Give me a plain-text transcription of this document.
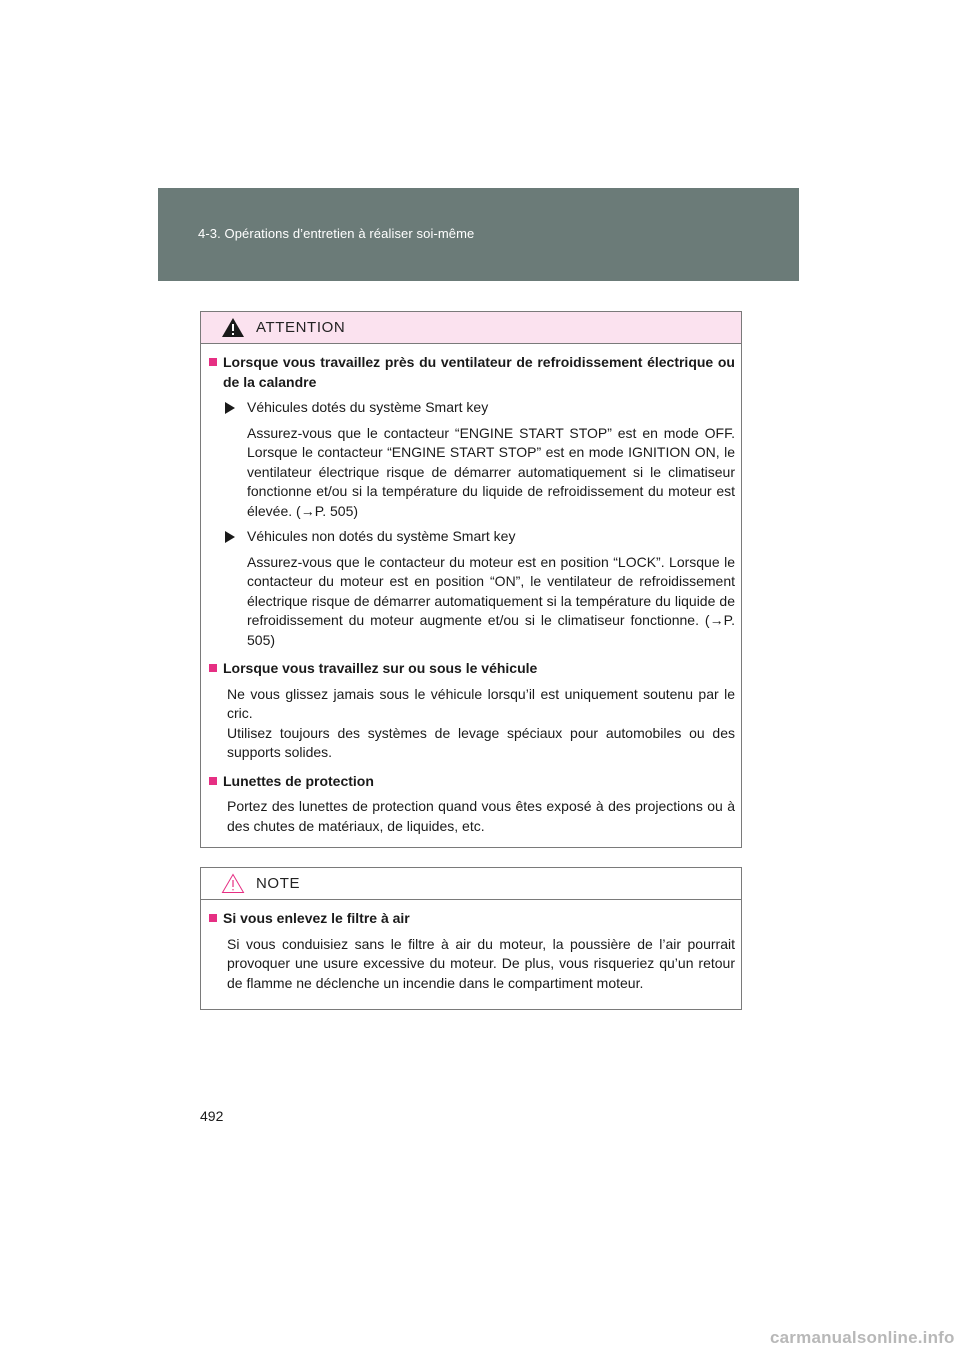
4-3. Opérations d’entretien à réaliser soi-même
ATTENTION
Lorsque vous travaillez près du ventilateur de refroidissement électrique ou de la calandre
Véhicules dotés du système Smart key
Assurez-vous que le contacteur “ENGINE START STOP” est en mode OFF. Lorsque le contacteur “ENGINE START STOP” est en mode IGNITION ON, le ventilateur électrique risque de démarrer automatiquement si le climatiseur fonctionne et/ou si la température du liquide de refroidissement du moteur est élevée. (→P. 505)
Véhicules non dotés du système Smart key
Assurez-vous que le contacteur du moteur est en position “LOCK”. Lorsque le contacteur du moteur est en position “ON”, le ventilateur de refroidissement électrique risque de démarrer automatiquement si la température du liquide de refroidissement du moteur augmente et/ou si le climatiseur fonctionne. (→P. 505)
Lorsque vous travaillez sur ou sous le véhicule
Ne vous glissez jamais sous le véhicule lorsqu’il est uniquement soutenu par le cric.
Utilisez toujours des systèmes de levage spéciaux pour automobiles ou des supports solides.
Lunettes de protection
Portez des lunettes de protection quand vous êtes exposé à des projections ou à des chutes de matériaux, de liquides, etc.
NOTE
Si vous enlevez le filtre à air
Si vous conduisiez sans le filtre à air du moteur, la poussière de l’air pourrait provoquer une usure excessive du moteur. De plus, vous risqueriez qu’un retour de flamme ne déclenche un incendie dans le compartiment moteur.
492
carmanualsonline.info
